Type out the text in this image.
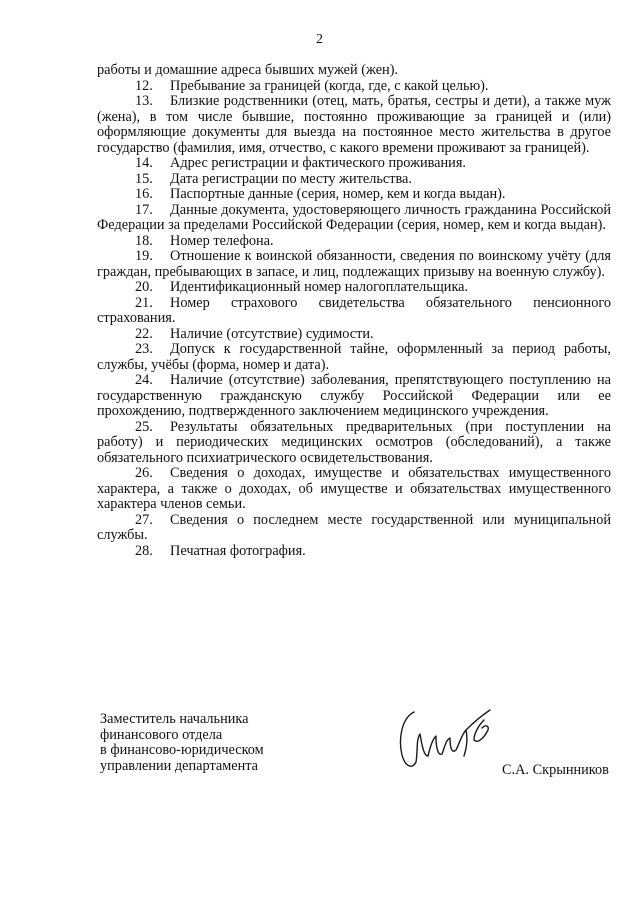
2

работы и домашние адреса бывших мужей (жен).

12. Пребывание за границей (когда, где, с какой целью).

13. Близкие родственники (отец, мать, братья, сестры и дети), а также муж (жена), в том числе бывшие, постоянно проживающие за границей и (или) оформляющие документы для выезда на постоянное место жительства в другое государство (фамилия, имя, отчество, с какого времени проживают за границей).

14. Адрес регистрации и фактического проживания.

15. Дата регистрации по месту жительства.

16. Паспортные данные (серия, номер, кем и когда выдан).

17. Данные документа, удостоверяющего личность гражданина Российской Федерации за пределами Российской Федерации (серия, номер, кем и когда выдан).

18. Номер телефона.

19. Отношение к воинской обязанности, сведения по воинскому учёту (для граждан, пребывающих в запасе, и лиц, подлежащих призыву на военную службу).

20. Идентификационный номер налогоплательщика.

21. Номер страхового свидетельства обязательного пенсионного страхования.

22. Наличие (отсутствие) судимости.

23. Допуск к государственной тайне, оформленный за период работы, службы, учёбы (форма, номер и дата).

24. Наличие (отсутствие) заболевания, препятствующего поступлению на государственную гражданскую службу Российской Федерации или ее прохождению, подтвержденного заключением медицинского учреждения.

25. Результаты обязательных предварительных (при поступлении на работу) и периодических медицинских осмотров (обследований), а также обязательного психиатрического освидетельствования.

26. Сведения о доходах, имуществе и обязательствах имущественного характера, а также о доходах, об имуществе и обязательствах имущественного характера членов семьи.

27. Сведения о последнем месте государственной или муниципальной службы.

28. Печатная фотография.

Заместитель начальника
финансового отдела
в финансово-юридическом
управлении департамента	С.А. Скрынников
